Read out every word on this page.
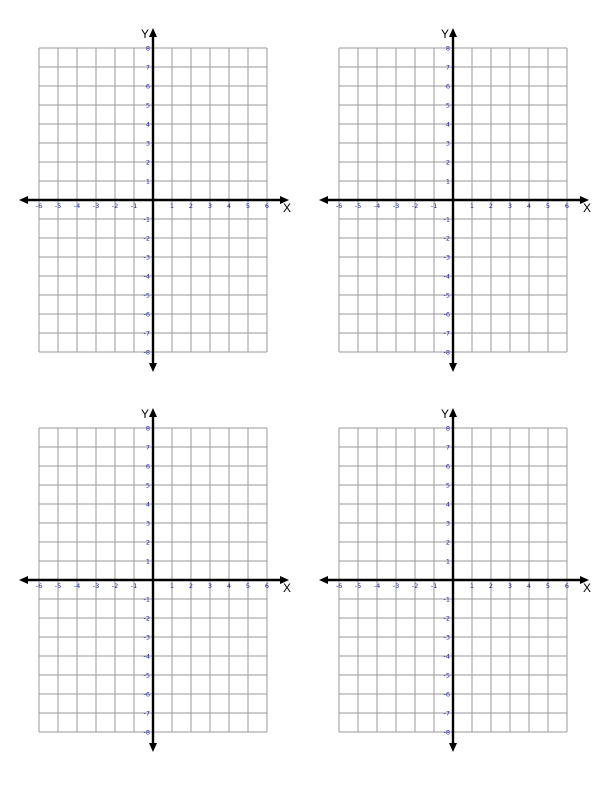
X
Y
-6 -5 -4 -3 -2 -1	1 2 3 4 5 6
8
7
6
5
4
3
2
1
-1
-2
-3
-4
-5
-6
-7
-8
X
Y
-6 -5 -4 -3 -2 -1	1 2 3 4 5 6
8
7
6
5
4
3
2
1
-1
-2
-3
-4
-5
-6
-7
-8
X
Y
-6 -5 -4 -3 -2 -1	1 2 3 4 5 6
8
7
6
5
4
3
2
1
-1
-2
-3
-4
-5
-6
-7
-8
X
Y
-6 -5 -4 -3 -2 -1	1 2 3 4 5 6
8
7
6
5
4
3
2
1
-1
-2
-3
-4
-5
-6
-7
-8
